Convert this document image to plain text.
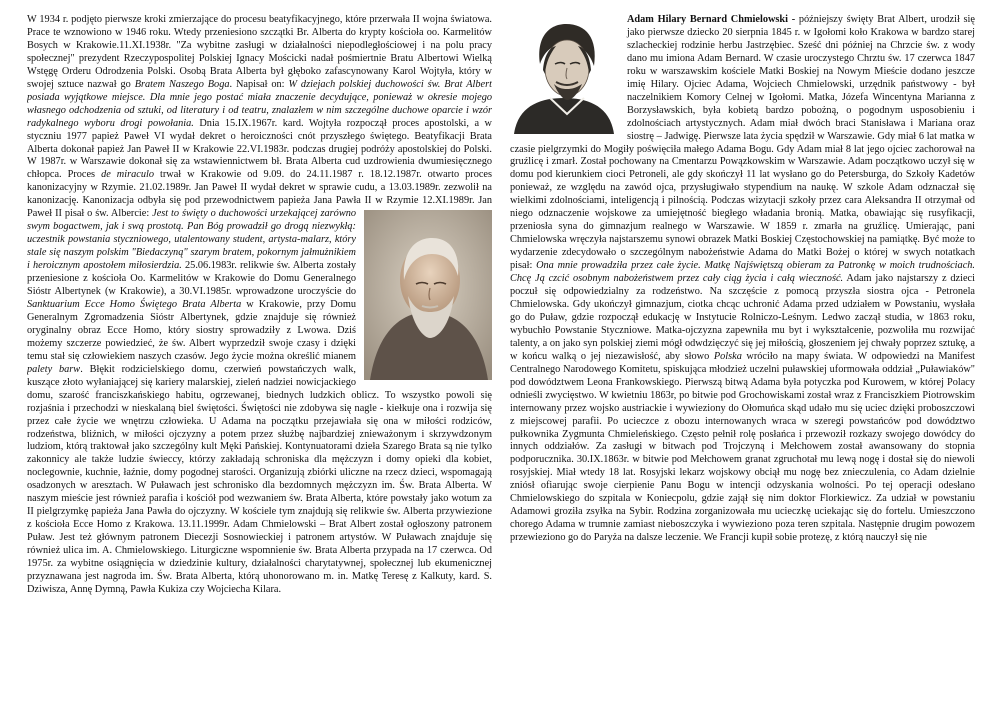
W 1934 r. podjęto pierwsze kroki zmierzające do procesu beatyfikacyjnego, które przerwała II wojna światowa. Prace te wznowiono w 1946 roku. Wtedy przeniesiono szczątki Br. Alberta do krypty kościoła oo. Karmelitów Bosych w Krakowie.11.XI.1938r. "Za wybitne zasługi w działalności niepodległościowej i na polu pracy społecznej" prezydent Rzeczypospolitej Polskiej Ignacy Mościcki nadał pośmiertnie Bratu Albertowi Wielką Wstęgę Orderu Odrodzenia Polski. Osobą Brata Alberta był głęboko zafascynowany Karol Wojtyła, który w swojej sztuce nazwał go Bratem Naszego Boga. Napisał on: W dziejach polskiej duchowości św. Brat Albert posiada wyjątkowe miejsce. Dla mnie jego postać miała znaczenie decydujące, ponieważ w okresie mojego własnego odchodzenia od sztuki, od literatury i od teatru, znalazłem w nim szczególne duchowe oparcie i wzór radykalnego wyboru drogi powołania. Dnia 15.IX.1967r. kard. Wojtyła rozpoczął proces apostolski, a w styczniu 1977 papież Paweł VI wydał dekret o heroiczności cnót przyszłego świętego. Beatyfikacji Brata Alberta dokonał papież Jan Paweł II w Krakowie 22.VI.1983r. podczas drugiej podróży apostolskiej do Polski. W 1987r. w Warszawie dokonał się za wstawiennictwem bł. Brata Alberta cud uzdrowienia dwumiesięcznego chłopca. Proces de miraculo trwał w Krakowie od 9.09. do 24.11.1987 r. 18.12.1987r. otwarto proces kanonizacyjny w Rzymie. 21.02.1989r. Jan Paweł II wydał dekret w sprawie cudu, a 13.03.1989r. zezwolił na kanonizację. Kanonizacja odbyła się pod przewodnictwem papieża Jana Pawła II w Rzymie 12.XI.1989r. Jan Paweł II pisał o św. Albercie:
Jest to święty o duchowości urzekającej zarówno swym bogactwem, jak i swą prostotą. Pan Bóg prowadził go drogą niezwykłą: uczestnik powstania styczniowego, utalentowany student, artysta-malarz, który stale się naszym polskim "Biedaczyną" szarym bratem, pokornym jałmużnikiem i heroicznym apostołem miłosierdzia. 25.06.1983r. relikwie św. Alberta zostały przeniesione z kościoła Oo. Karmelitów w Krakowie do Domu Generalnego Sióstr Albertynek (w Krakowie), a 30.VI.1985r. wprowadzone uroczyście do Sanktuarium Ecce Homo Świętego Brata Alberta w Krakowie, przy Domu Generalnym Zgromadzenia Sióstr Albertynek, gdzie znajduje się również oryginalny obraz Ecce Homo, który siostry sprowadziły z Lwowa. Dziś możemy szczerze powiedzieć, że św. Albert wyprzedził swoje czasy i dzięki temu stał się człowiekiem naszych czasów. Jego życie można określić mianem palety barw. Błękit rodzicielskiego domu, czerwień powstańczych walk, kuszące złoto wyłaniającej się kariery malarskiej, zieleń nadziei nowicjackiego domu, szarość franciszkańskiego habitu, ogrzewanej, biednych ludzkich oblicz. To wszystko powoli się rozjaśnia i przechodzi w nieskalaną biel świętości. Świętości nie zdobywa się nagle - kiełkuje ona i rozwija się przez całe życie we wnętrzu człowieka. U Adama na początku przejawiała się ona w miłości rodziców, rodzeństwa, bliźnich, w miłości ojczyzny a potem przez służbę najbardziej znieważonym i skrzywdzonym ludziom, którą traktował jako szczególny kult Męki Pańskiej. Kontynuatorami dzieła Szarego Brata są nie tylko zakonnicy ale także ludzie świeccy, którzy zakładają schroniska dla mężczyzn i domy opieki dla kobiet, noclegownie, kuchnie, łaźnie, domy pogodnej starości. Organizują zbiórki uliczne na rzecz dzieci, wspomagają osadzonych w aresztach. W Puławach jest schronisko dla bezdomnych mężczyzn im. Św. Brata Alberta. W naszym mieście jest również parafia i kościół pod wezwaniem św. Brata Alberta, które powstały jako wotum za II pielgrzymkę papieża Jana Pawła do ojczyzny. W kościele tym znajdują się relikwie św. Alberta przywiezione z kościoła Ecce Homo z Krakowa. 13.11.1999r. Adam Chmielowski – Brat Albert został ogłoszony patronem Puław. Jest też głównym patronem Diecezji Sosnowieckiej i patronem artystów. W Puławach znajduje się również ulica im. A. Chmielowskiego. Liturgiczne wspomnienie św. Brata Alberta przypada na 17 czerwca. Od 1975r. za wybitne osiągnięcia w dziedzinie kultury, działalności charytatywnej, społecznej lub ekumenicznej przyznawana jest nagroda im. Św. Brata Alberta, którą uhonorowano m. in. Matkę Teresę z Kalkuty, kard. S. Dziwisza, Annę Dymną, Pawła Kukiza czy Wojciecha Kilara.

Adam Hilary Bernard Chmielowski - późniejszy święty Brat Albert, urodził się jako pierwsze dziecko 20 sierpnia 1845 r. w Igołomi koło Krakowa w bardzo starej szlacheckiej rodzinie herbu Jastrzębiec. Sześć dni później na Chrzcie św. z wody dano mu imiona Adam Bernard. W czasie uroczystego Chrztu św. 17 czerwca 1847 roku w warszawskim kościele Matki Boskiej na Nowym Mieście dodano jeszcze imię Hilary. Ojciec Adama, Wojciech Chmielowski, urzędnik państwowy - był naczelnikiem Komory Celnej w Igołomi. Matka, Józefa Wincentyna Marianna z Borzysławskich, była kobietą bardzo pobożną, o pogodnym usposobieniu i zdolnościach artystycznych. Adam miał dwóch braci Stanisława i Mariana oraz siostrę – Jadwigę. Pierwsze lata życia spędził w Warszawie. Gdy miał 6 lat matka w czasie pielgrzymki do Mogiły poświęciła małego Adama Bogu. Gdy Adam miał 8 lat jego ojciec zachorował na gruźlicę i zmarł. Został pochowany na Cmentarzu Powązkowskim w Warszawie. Adam początkowo uczył się w domu pod kierunkiem cioci Petroneli, ale gdy skończył 11 lat wysłano go do Petersburga, do Szkoły Kadetów ponieważ, ze względu na zawód ojca, przysługiwało stypendium na naukę. W szkole Adam odznaczał się wielkimi zdolnościami, inteligencją i pilnością. Podczas wizytacji szkoły przez cara Aleksandra II otrzymał od niego odznaczenie wojskowe za umiejętność biegłego władania bronią. Matka, obawiając się rusyfikacji, przeniosła syna do gimnazjum realnego w Warszawie. W 1859 r. zmarła na gruźlicę. Umierając, pani Chmielowska wręczyła najstarszemu synowi obrazek Matki Boskiej Częstochowskiej na pamiątkę. Być może to wydarzenie zdecydowało o szczególnym nabożeństwie Adama do Matki Bożej o której w swych notatkach pisał: Ona mnie prowadziła przez całe życie. Matkę Najświętszą obieram za Patronkę w moich trudnościach. Chcę Ją czcić osobnym nabożeństwem przez cały ciąg życia i całą wieczność. Adam jako najstarszy z dzieci poczuł się odpowiedzialny za rodzeństwo. Na szczęście z pomocą przyszła siostra ojca - Petronela Chmielowska. Gdy ukończył gimnazjum, ciotka chcąc uchronić Adama przed udziałem w Powstaniu, wysłała go do Puław, gdzie rozpoczął edukację w Instytucie Rolniczo-Leśnym. Ledwo zaczął studia, w 1863 roku, wybuchło Powstanie Styczniowe. Matka-ojczyzna zapewniła mu byt i wykształcenie, pozwoliła mu rozwijać talenty, a on jako syn polskiej ziemi mógł odwdzięczyć się jej miłością, głoszeniem jej chwały poprzez sztukę, a w końcu walką o jej niezawisłość, aby słowo Polska wróciło na mapy świata. W odpowiedzi na Manifest Centralnego Narodowego Komitetu, spiskująca młodzież uczelni puławskiej uformowała oddział „Puławiaków" pod dowództwem Leona Frankowskiego. Pierwszą bitwą Adama była potyczka pod Kurowem, w której Polacy odnieśli zwycięstwo. W kwietniu 1863r, po bitwie pod Grochowiskami został wraz z Franciszkiem Piotrowskim internowany przez wojsko austriackie i wywieziony do Ołomuńca skąd udało mu się uciec dzięki proboszczowi z miejscowej parafii. Po ucieczce z obozu internowanych wraca w szeregi powstańców pod dowództwo pułkownika Zygmunta Chmieleńskiego. Często pełnił rolę posłańca i przewoził rozkazy swojego dowódcy do innych oddziałów. Za zasługi w bitwach pod Trojczyną i Mełchowem został awansowany do stopnia podporucznika. 30.IX.1863r. w bitwie pod Mełchowem granat zgruchotał mu lewą nogę i dostał się do niewoli rosyjskiej. Miał wtedy 18 lat. Rosyjski lekarz wojskowy obciął mu nogę bez znieczulenia, co Adam dzielnie zniósł ofiarując swoje cierpienie Panu Bogu w intencji odzyskania wolności. Po tej operacji odesłano Chmielowskiego do szpitala w Koniecpolu, gdzie zajął się nim doktor Florkiewicz. Za udział w powstaniu Adamowi groziła zsyłka na Sybir. Rodzina zorganizowała mu ucieczkę uciekając się do fortelu. Umieszczono chorego Adama w trumnie zamiast nieboszczyka i wywieziono poza teren szpitala. Następnie drugim powozem przewieziono go do Paryża na dalsze leczenie. We Francji kupił sobie protezę, z którą nauczył się nie
